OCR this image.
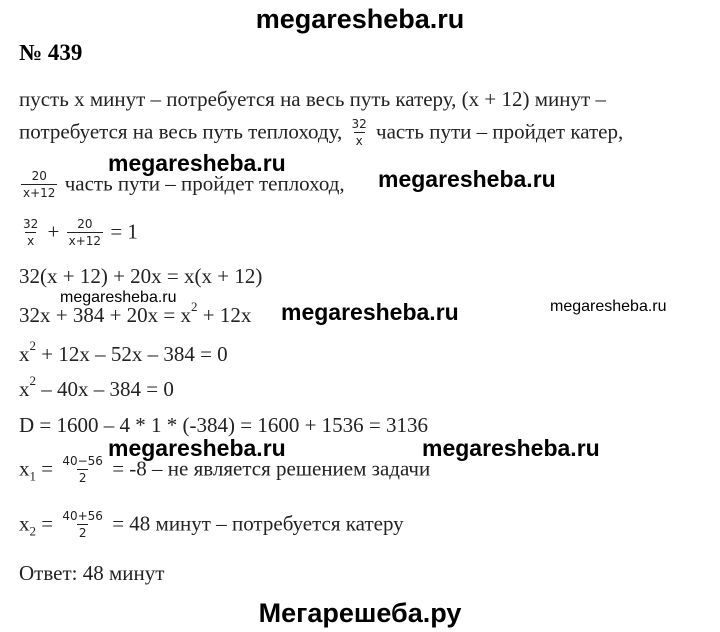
megaresheba.ru
№ 439
пусть x минут – потребуется на весь путь катеру, (x + 12) минут –
потребуется на весь путь теплоходу, $\frac{32}{x}$ часть пути – пройдет катер,
$\frac{20}{x+12}$ часть пути – пройдет теплоход,
$\frac{32}{x} + \frac{20}{x+12} = 1$
32(x + 12) + 20x = x(x + 12)
$32x + 384 + 20x = x^2 + 12x$
$x^2 + 12x - 52x - 384 = 0$
$x^2 - 40x - 384 = 0$
D = 1600 – 4 * 1 * (-384) = 1600 + 1536 = 3136
$x_1 = \frac{40-56}{2} = -8$ – не является решением задачи
$x_2 = \frac{40+56}{2} = 48$ минут – потребуется катеру
Ответ: 48 минут
megaresheba.ru
megaresheba.ru
megaresheba.ru
megaresheba.ru	megaresheba.ru
megaresheba.ru	megaresheba.ru
Мегарешеба.ру
